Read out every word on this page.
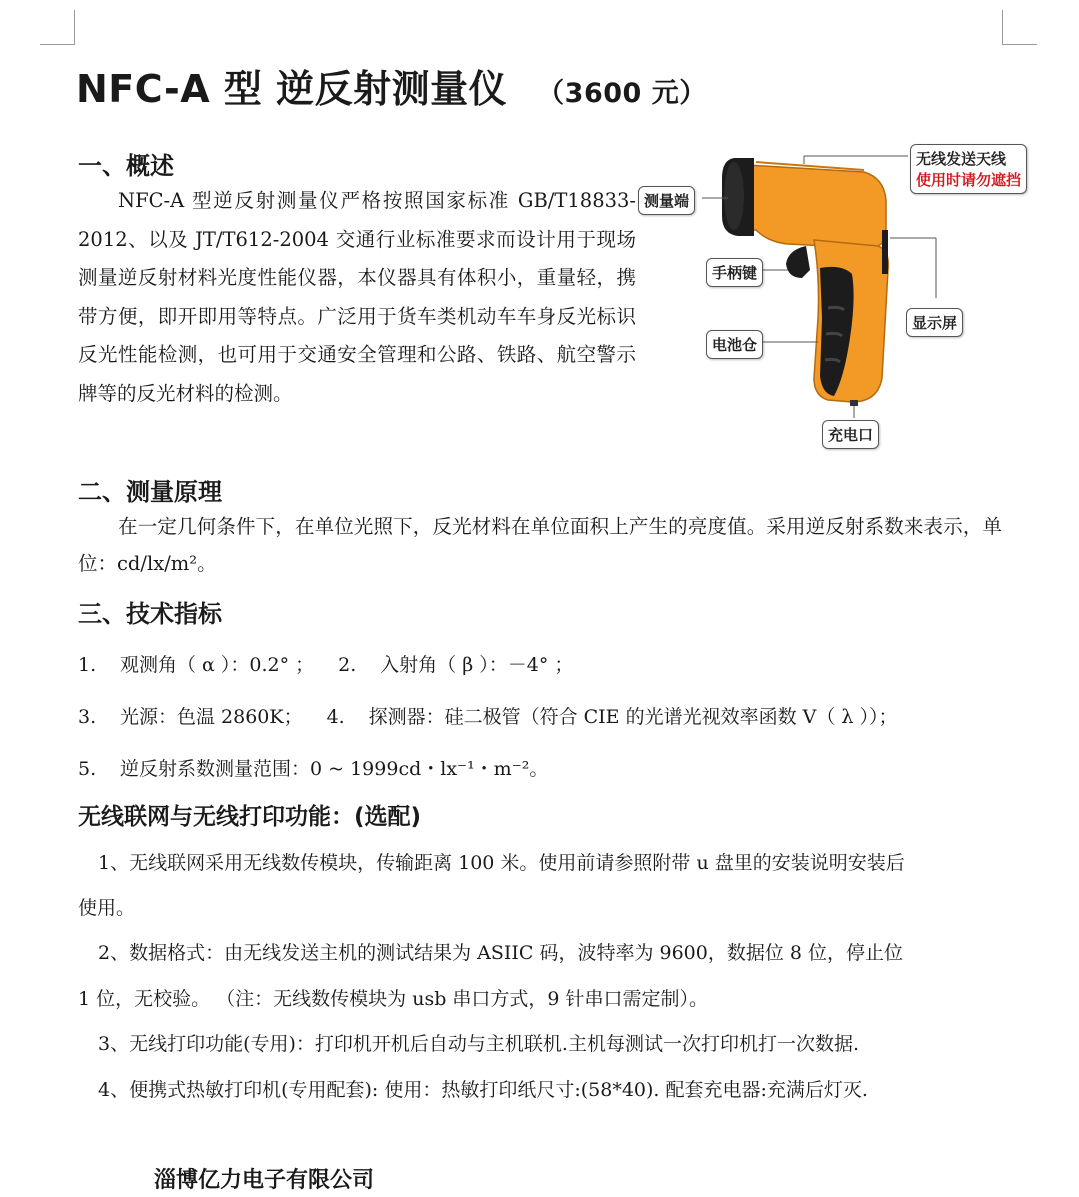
NFC-A 型 逆反射测量仪 （3600 元）
一、概述

NFC-A 型逆反射测量仪严格按照国家标准 GB/T18833-2012、以及 JT/T612-2004 交通行业标准要求而设计用于现场测量逆反射材料光度性能仪器，本仪器具有体积小，重量轻，携带方便，即开即用等特点。广泛用于货车类机动车车身反光标识反光性能检测，也可用于交通安全管理和公路、铁路、航空警示牌等的反光材料的检测。

无线发送天线
使用时请勿遮挡
测量端
手柄键
显示屏
电池仓
充电口
二、测量原理

在一定几何条件下，在单位光照下，反光材料在单位面积上产生的亮度值。采用逆反射系数来表示，单位：cd/lx/m²。

三、技术指标
1. 观测角（ α ）：0.2° ； 2. 入射角（ β ）：－4° ；
3. 光源：色温 2860K； 4. 探测器：硅二极管（符合 CIE 的光谱光视效率函数 V（ λ ））；
5. 逆反射系数测量范围：0 ~ 1999cd・lx⁻¹・m⁻²。
无线联网与无线打印功能：(选配)
1、无线联网采用无线数传模块，传输距离 100 米。使用前请参照附带 u 盘里的安装说明安装后
使用。
2、数据格式：由无线发送主机的测试结果为 ASIIC 码，波特率为 9600，数据位 8 位，停止位
1 位，无校验。 （注：无线数传模块为 usb 串口方式，9 针串口需定制）。
3、无线打印功能(专用)：打印机开机后自动与主机联机.主机每测试一次打印机打一次数据.
4、便携式热敏打印机(专用配套): 使用：热敏打印纸尺寸:(58*40). 配套充电器:充满后灯灭.
淄博亿力电子有限公司
